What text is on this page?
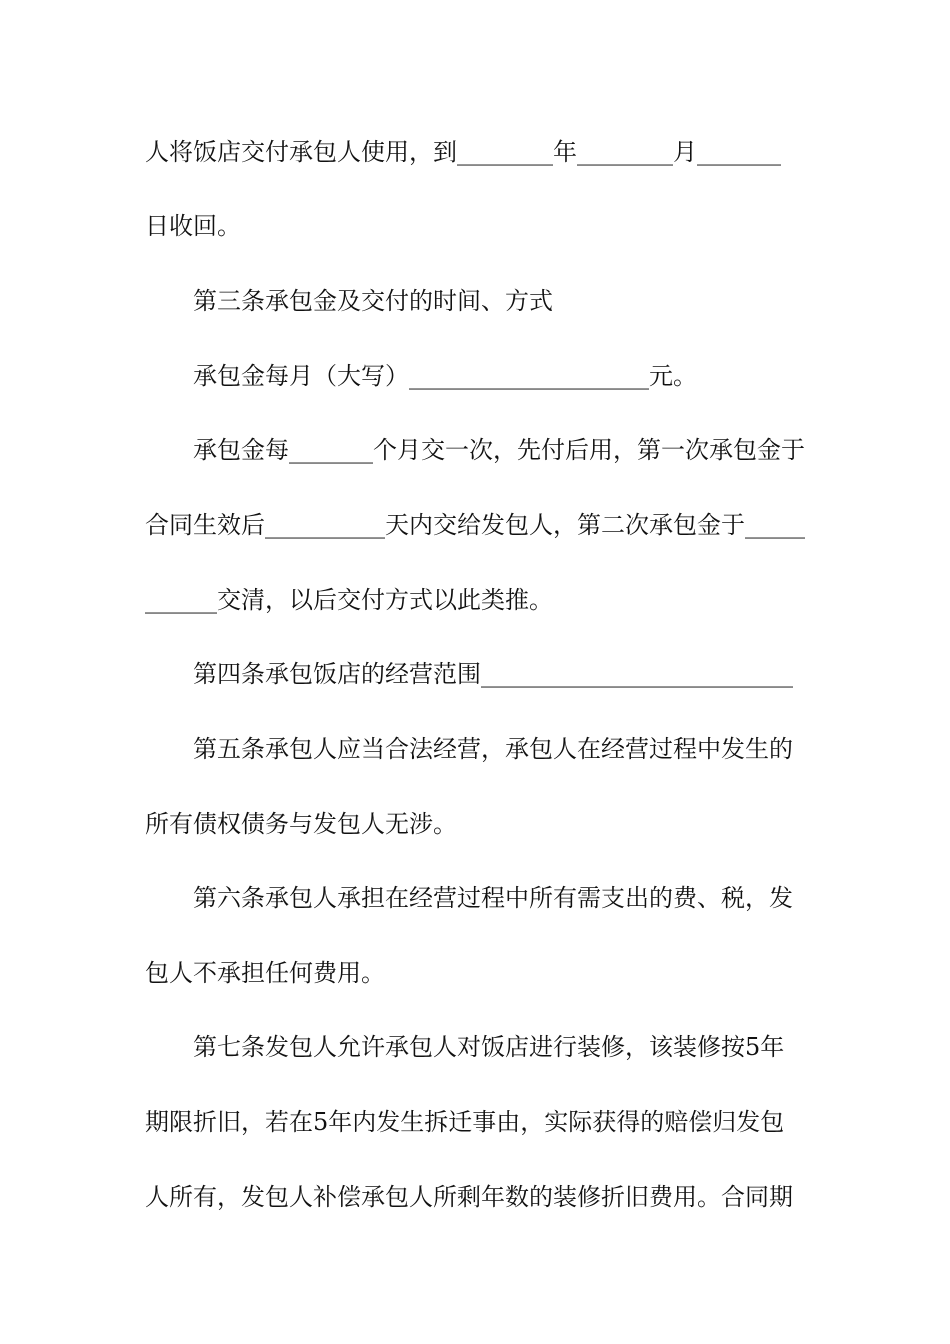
人将饭店交付承包人使用，到________年________月_______
日收回。
第三条承包金及交付的时间、方式
承包金每月（大写）____________________元。
承包金每_______个月交一次，先付后用，第一次承包金于
合同生效后__________天内交给发包人，第二次承包金于_____
______交清，以后交付方式以此类推。
第四条承包饭店的经营范围__________________________
第五条承包人应当合法经营，承包人在经营过程中发生的
所有债权债务与发包人无涉。
第六条承包人承担在经营过程中所有需支出的费、税，发
包人不承担任何费用。
第七条发包人允许承包人对饭店进行装修，该装修按5年
期限折旧，若在5年内发生拆迁事由，实际获得的赔偿归发包
人所有，发包人补偿承包人所剩年数的装修折旧费用。合同期
